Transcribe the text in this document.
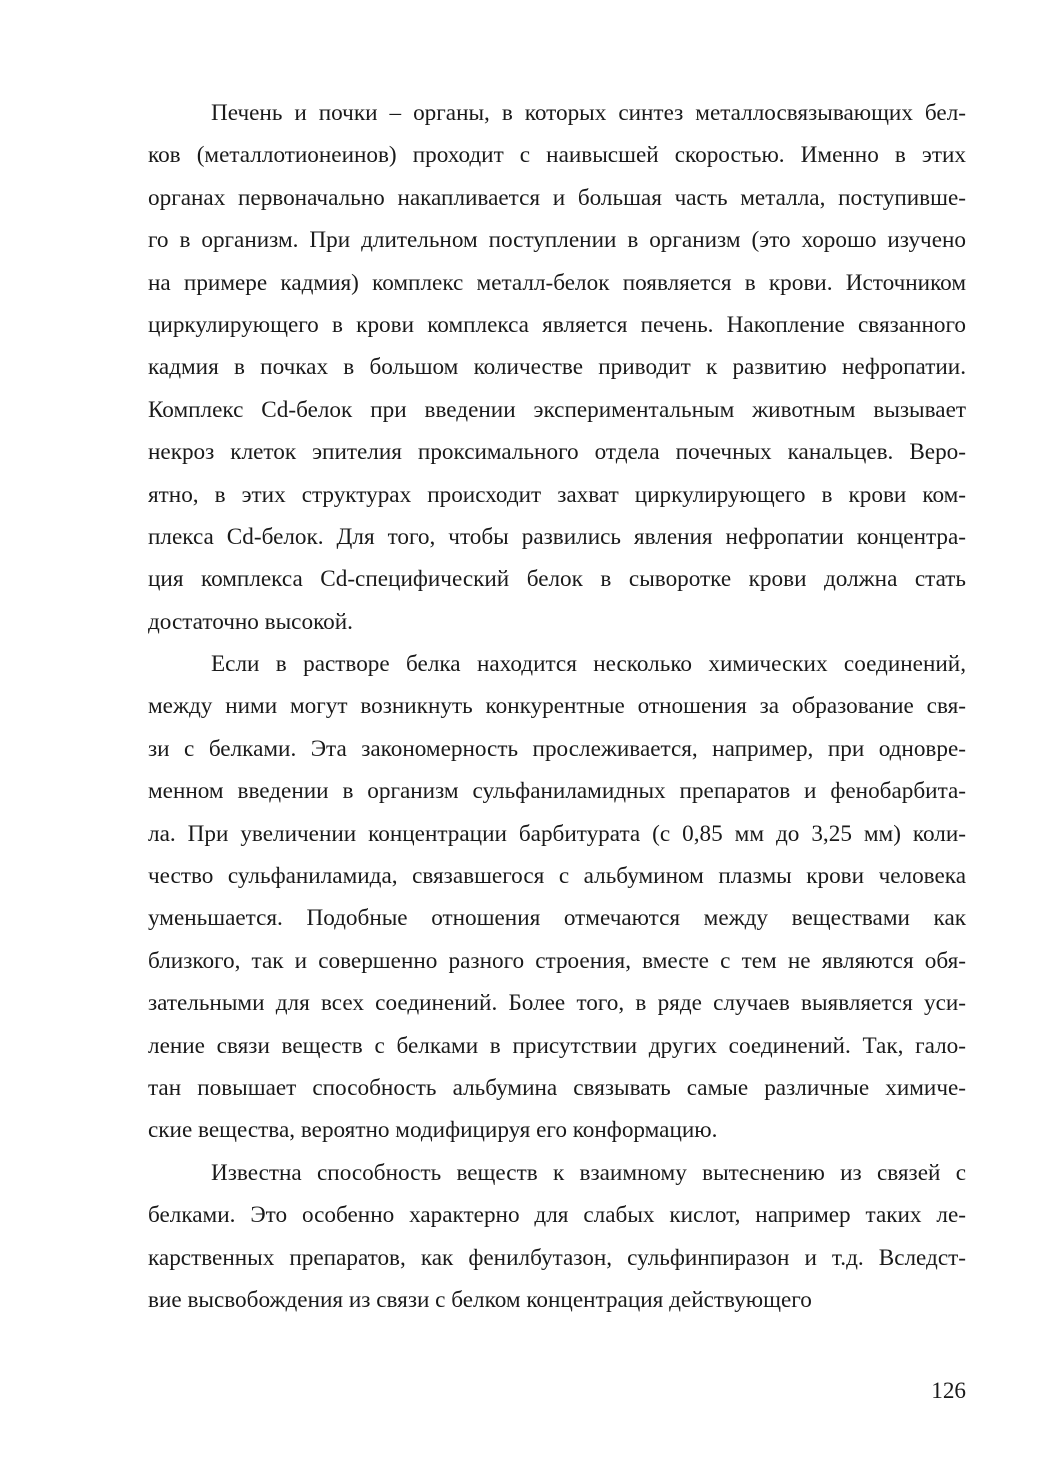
Печень и почки – органы, в которых синтез металлосвязывающих бел-
ков (металлотионеинов) проходит с наивысшей скоростью. Именно в этих
органах первоначально накапливается и большая часть металла, поступивше-
го в организм. При длительном поступлении в организм (это хорошо изучено
на примере кадмия) комплекс металл-белок появляется в крови. Источником
циркулирующего в крови комплекса является печень. Накопление связанного
кадмия в почках в большом количестве приводит к развитию нефропатии.
Комплекс Cd-белок при введении экспериментальным животным вызывает
некроз клеток эпителия проксимального отдела почечных канальцев. Веро-
ятно, в этих структурах происходит захват циркулирующего в крови ком-
плекса Cd-белок. Для того, чтобы развились явления нефропатии концентра-
ция комплекса Cd-специфический белок в сыворотке крови должна стать
достаточно высокой.
Если в растворе белка находится несколько химических соединений,
между ними могут возникнуть конкурентные отношения за образование свя-
зи с белками. Эта закономерность прослеживается, например, при одновре-
менном введении в организм сульфаниламидных препаратов и фенобарбита-
ла. При увеличении концентрации барбитурата (с 0,85 мм до 3,25 мм) коли-
чество сульфаниламида, связавшегося с альбумином плазмы крови человека
уменьшается. Подобные отношения отмечаются между веществами как
близкого, так и совершенно разного строения, вместе с тем не являются обя-
зательными для всех соединений. Более того, в ряде случаев выявляется уси-
ление связи веществ с белками в присутствии других соединений. Так, гало-
тан повышает способность альбумина связывать самые различные химиче-
ские вещества, вероятно модифицируя его конформацию.
Известна способность веществ к взаимному вытеснению из связей с
белками. Это особенно характерно для слабых кислот, например таких ле-
карственных препаратов, как фенилбутазон, сульфинпиразон и т.д. Вследст-
вие высвобождения из связи с белком концентрация действующего
126
